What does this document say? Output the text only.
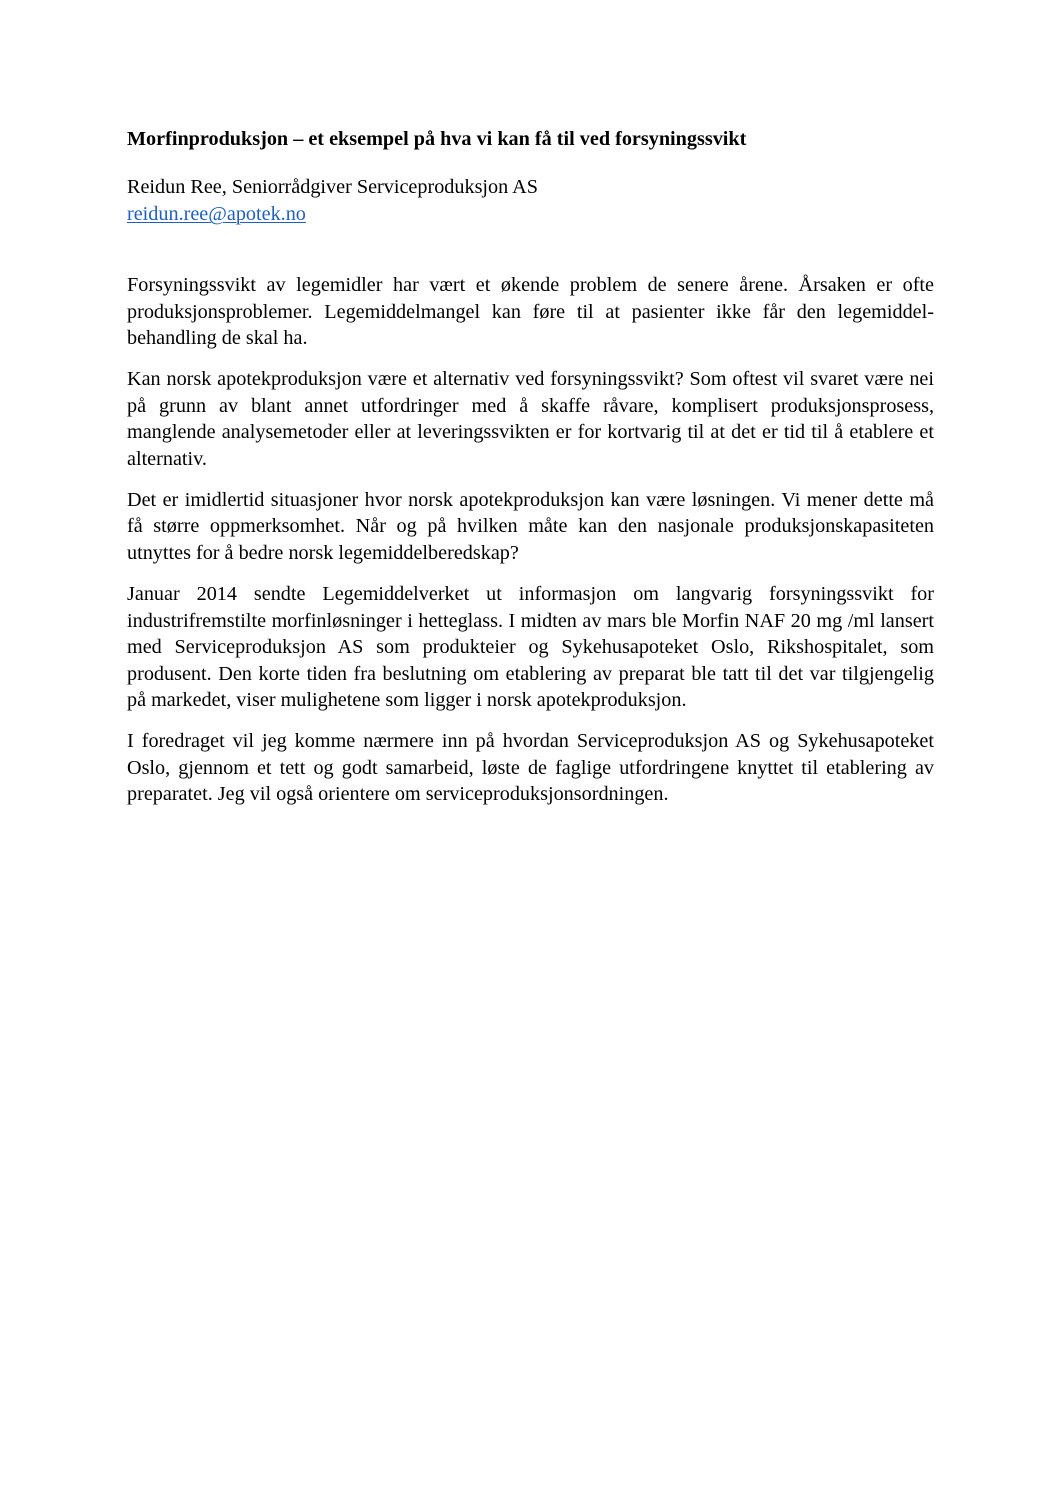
Morfinproduksjon – et eksempel på hva vi kan få til ved forsyningssvikt

Reidun Ree, Seniorrådgiver Serviceproduksjon AS

reidun.ree@apotek.no

Forsyningssvikt av legemidler har vært et økende problem de senere årene. Årsaken er ofte produksjonsproblemer. Legemiddelmangel kan føre til at pasienter ikke får den legemiddelbehandling de skal ha.

Kan norsk apotekproduksjon være et alternativ ved forsyningssvikt? Som oftest vil svaret være nei på grunn av blant annet utfordringer med å skaffe råvare, komplisert produksjonsprosess, manglende analysemetoder eller at leveringssvikten er for kortvarig til at det er tid til å etablere et alternativ.

Det er imidlertid situasjoner hvor norsk apotekproduksjon kan være løsningen. Vi mener dette må få større oppmerksomhet. Når og på hvilken måte kan den nasjonale produksjonskapasiteten utnyttes for å bedre norsk legemiddelberedskap?

Januar 2014 sendte Legemiddelverket ut informasjon om langvarig forsyningssvikt for industrifremstilte morfinløsninger i hetteglass. I midten av mars ble Morfin NAF 20 mg /ml lansert med Serviceproduksjon AS som produkteier og Sykehusapoteket Oslo, Rikshospitalet, som produsent. Den korte tiden fra beslutning om etablering av preparat ble tatt til det var tilgjengelig på markedet, viser mulighetene som ligger i norsk apotekproduksjon.

I foredraget vil jeg komme nærmere inn på hvordan Serviceproduksjon AS og Sykehusapoteket Oslo, gjennom et tett og godt samarbeid, løste de faglige utfordringene knyttet til etablering av preparatet. Jeg vil også orientere om serviceproduksjonsordningen.
